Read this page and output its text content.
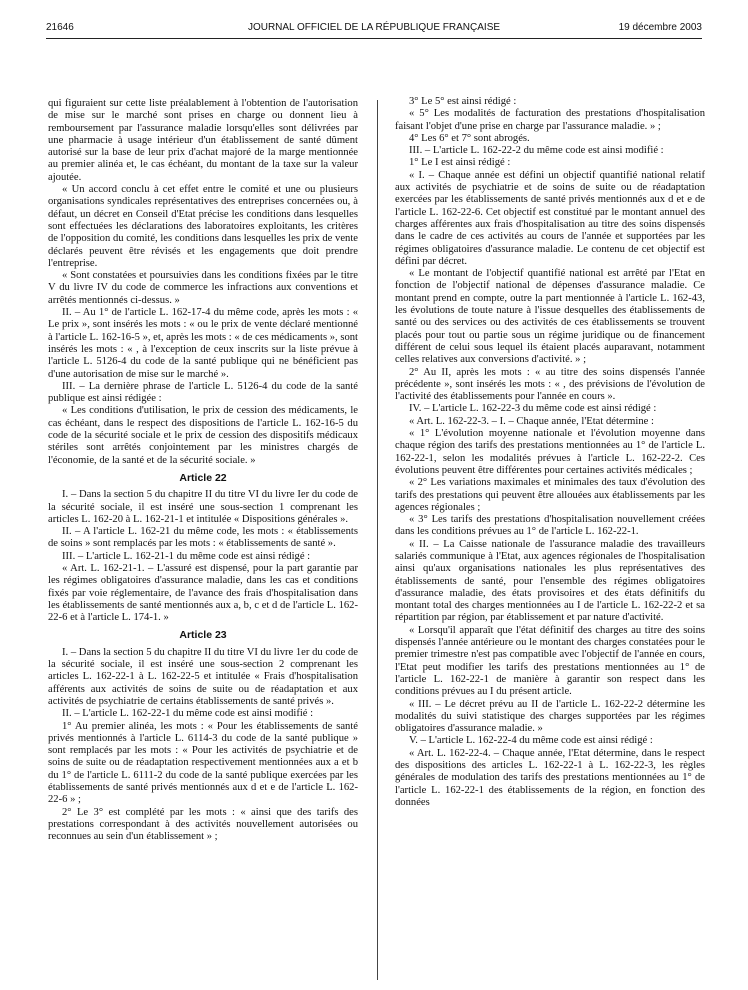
21646	JOURNAL OFFICIEL DE LA RÉPUBLIQUE FRANÇAISE	19 décembre 2003

qui figuraient sur cette liste préalablement à l'obtention de l'autorisation de mise sur le marché sont prises en charge ou donnent lieu à remboursement par l'assurance maladie lorsqu'elles sont délivrées par une pharmacie à usage intérieur d'un établissement de santé dûment autorisé sur la base de leur prix d'achat majoré de la marge mentionnée au premier alinéa et, le cas échéant, du montant de la taxe sur la valeur ajoutée.

« Un accord conclu à cet effet entre le comité et une ou plusieurs organisations syndicales représentatives des entreprises concernées ou, à défaut, un décret en Conseil d'Etat précise les conditions dans lesquelles sont effectuées les déclarations des laboratoires exploitants, les critères de l'opposition du comité, les conditions dans lesquelles les prix de vente déclarés peuvent être révisés et les engagements que doit prendre l'entreprise.

« Sont constatées et poursuivies dans les conditions fixées par le titre V du livre IV du code de commerce les infractions aux conventions et arrêtés mentionnés ci-dessus. »

II. – Au 1° de l'article L. 162-17-4 du même code, après les mots : « Le prix », sont insérés les mots : « ou le prix de vente déclaré mentionné à l'article L. 162-16-5 », et, après les mots : « de ces médicaments », sont insérés les mots : « , à l'exception de ceux inscrits sur la liste prévue à l'article L. 5126-4 du code de la santé publique qui ne bénéficient pas d'une autorisation de mise sur le marché ».

III. – La dernière phrase de l'article L. 5126-4 du code de la santé publique est ainsi rédigée :

« Les conditions d'utilisation, le prix de cession des médicaments, le cas échéant, dans le respect des dispositions de l'article L. 162-16-5 du code de la sécurité sociale et le prix de cession des dispositifs médicaux stériles sont arrêtés conjointement par les ministres chargés de l'économie, de la santé et de la sécurité sociale. »

Article 22

I. – Dans la section 5 du chapitre II du titre VI du livre Ier du code de la sécurité sociale, il est inséré une sous-section 1 comprenant les articles L. 162-20 à L. 162-21-1 et intitulée « Dispositions générales ».

II. – A l'article L. 162-21 du même code, les mots : « établissements de soins » sont remplacés par les mots : « établissements de santé ».

III. – L'article L. 162-21-1 du même code est ainsi rédigé :

« Art. L. 162-21-1. – L'assuré est dispensé, pour la part garantie par les régimes obligatoires d'assurance maladie, dans les cas et conditions fixés par voie réglementaire, de l'avance des frais d'hospitalisation dans les établissements de santé mentionnés aux a, b, c et d de l'article L. 162-22-6 et à l'article L. 174-1. »

Article 23

I. – Dans la section 5 du chapitre II du titre VI du livre 1er du code de la sécurité sociale, il est inséré une sous-section 2 comprenant les articles L. 162-22-1 à L. 162-22-5 et intitulée « Frais d'hospitalisation afférents aux activités de soins de suite ou de réadaptation et aux activités de psychiatrie de certains établissements de santé privés ».

II. – L'article L. 162-22-1 du même code est ainsi modifié :

1° Au premier alinéa, les mots : « Pour les établissements de santé privés mentionnés à l'article L. 6114-3 du code de la santé publique » sont remplacés par les mots : « Pour les activités de psychiatrie et de soins de suite ou de réadaptation respectivement mentionnées aux a et b du 1° de l'article L. 6111-2 du code de la santé publique exercées par les établissements de santé privés mentionnés aux d et e de l'article L. 162-22-6 » ;

2° Le 3° est complété par les mots : « ainsi que des tarifs des prestations correspondant à des activités nouvellement autorisées ou reconnues au sein d'un établissement » ;

3° Le 5° est ainsi rédigé :

« 5° Les modalités de facturation des prestations d'hospitalisation faisant l'objet d'une prise en charge par l'assurance maladie. » ;

4° Les 6° et 7° sont abrogés.

III. – L'article L. 162-22-2 du même code est ainsi modifié :

1° Le I est ainsi rédigé :

« I. – Chaque année est défini un objectif quantifié national relatif aux activités de psychiatrie et de soins de suite ou de réadaptation exercées par les établissements de santé privés mentionnés aux d et e de l'article L. 162-22-6. Cet objectif est constitué par le montant annuel des charges afférentes aux frais d'hospitalisation au titre des soins dispensés dans le cadre de ces activités au cours de l'année et supportées par les régimes obligatoires d'assurance maladie. Le contenu de cet objectif est défini par décret.

« Le montant de l'objectif quantifié national est arrêté par l'Etat en fonction de l'objectif national de dépenses d'assurance maladie. Ce montant prend en compte, outre la part mentionnée à l'article L. 162-43, les évolutions de toute nature à l'issue desquelles des établissements de santé ou des services ou des activités de ces établissements se trouvent placés pour tout ou partie sous un régime juridique ou de financement différent de celui sous lequel ils étaient placés auparavant, notamment celles relatives aux conversions d'activité. » ;

2° Au II, après les mots : « au titre des soins dispensés l'année précédente », sont insérés les mots : « , des prévisions de l'évolution de l'activité des établissements pour l'année en cours ».

IV. – L'article L. 162-22-3 du même code est ainsi rédigé :

« Art. L. 162-22-3. – I. – Chaque année, l'Etat détermine :

« 1° L'évolution moyenne nationale et l'évolution moyenne dans chaque région des tarifs des prestations mentionnées au 1° de l'article L. 162-22-1, selon les modalités prévues à l'article L. 162-22-2. Ces évolutions peuvent être différentes pour certaines activités médicales ;

« 2° Les variations maximales et minimales des taux d'évolution des tarifs des prestations qui peuvent être allouées aux établissements par les agences régionales ;

« 3° Les tarifs des prestations d'hospitalisation nouvellement créées dans les conditions prévues au 1° de l'article L. 162-22-1.

« II. – La Caisse nationale de l'assurance maladie des travailleurs salariés communique à l'Etat, aux agences régionales de l'hospitalisation ainsi qu'aux organisations nationales les plus représentatives des établissements de santé, pour l'ensemble des régimes obligatoires d'assurance maladie, des états provisoires et des états définitifs du montant total des charges mentionnées au I de l'article L. 162-22-2 et sa répartition par région, par établissement et par nature d'activité.

« Lorsqu'il apparaît que l'état définitif des charges au titre des soins dispensés l'année antérieure ou le montant des charges constatées pour le premier trimestre n'est pas compatible avec l'objectif de l'année en cours, l'Etat peut modifier les tarifs des prestations mentionnées au 1° de l'article L. 162-22-1 de manière à garantir son respect dans les conditions prévues au I du présent article.

« III. – Le décret prévu au II de l'article L. 162-22-2 détermine les modalités du suivi statistique des charges supportées par les régimes obligatoires d'assurance maladie. »

V. – L'article L. 162-22-4 du même code est ainsi rédigé :

« Art. L. 162-22-4. – Chaque année, l'Etat détermine, dans le respect des dispositions des articles L. 162-22-1 à L. 162-22-3, les règles générales de modulation des tarifs des prestations mentionnées au 1° de l'article L. 162-22-1 des établissements de la région, en fonction des données
